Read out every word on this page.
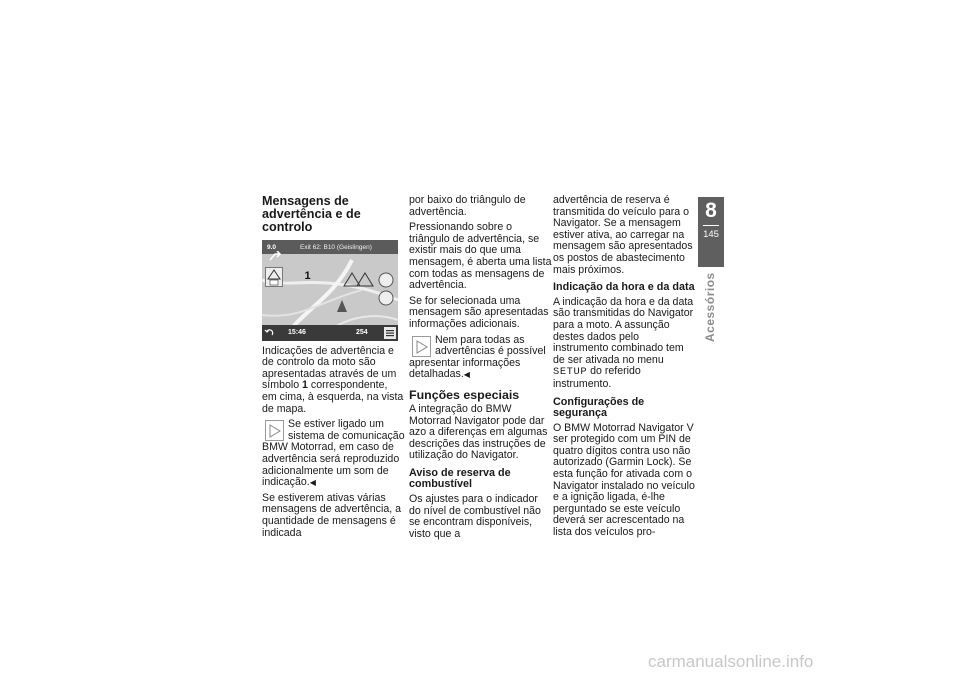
Mensagens de advertência e de controlo
9.0	Exit 62: B10 (Geislingen)
1
15:46	254

Indicações de advertência e de controlo da moto são apresentadas através de um símbolo 1 correspondente, em cima, à esquerda, na vista de mapa.

Se estiver ligado um sistema de comunicação BMW Motorrad, em caso de advertência será reproduzido adicionalmente um som de indicação.◀

Se estiverem ativas várias mensagens de advertência, a quantidade de mensagens é indicada

por baixo do triângulo de advertência.

Pressionando sobre o triângulo de advertência, se existir mais do que uma mensagem, é aberta uma lista com todas as mensagens de advertência.

Se for selecionada uma mensagem são apresentadas informações adicionais.

Nem para todas as advertências é possível apresentar informações detalhadas.◀
Funções especiais

A integração do BMW Motorrad Navigator pode dar azo a diferenças em algumas descrições das instruções de utilização do Navigator.

Aviso de reserva de combustível

Os ajustes para o indicador do nível de combustível não se encontram disponíveis, visto que a

advertência de reserva é transmitida do veículo para o Navigator. Se a mensagem estiver ativa, ao carregar na mensagem são apresentados os postos de abastecimento mais próximos.

Indicação da hora e da data

A indicação da hora e da data são transmitidas do Navigator para a moto. A assunção destes dados pelo instrumento combinado tem de ser ativada no menu SETUP do referido instrumento.

Configurações de segurança

O BMW Motorrad Navigator V ser protegido com um PIN de quatro dígitos contra uso não autorizado (Garmin Lock). Se esta função for ativada com o Navigator instalado no veículo e a ignição ligada, é-lhe perguntado se este veículo deverá ser acrescentado na lista dos veículos pro-

8
145
Acessórios
carmanualsonline.info
